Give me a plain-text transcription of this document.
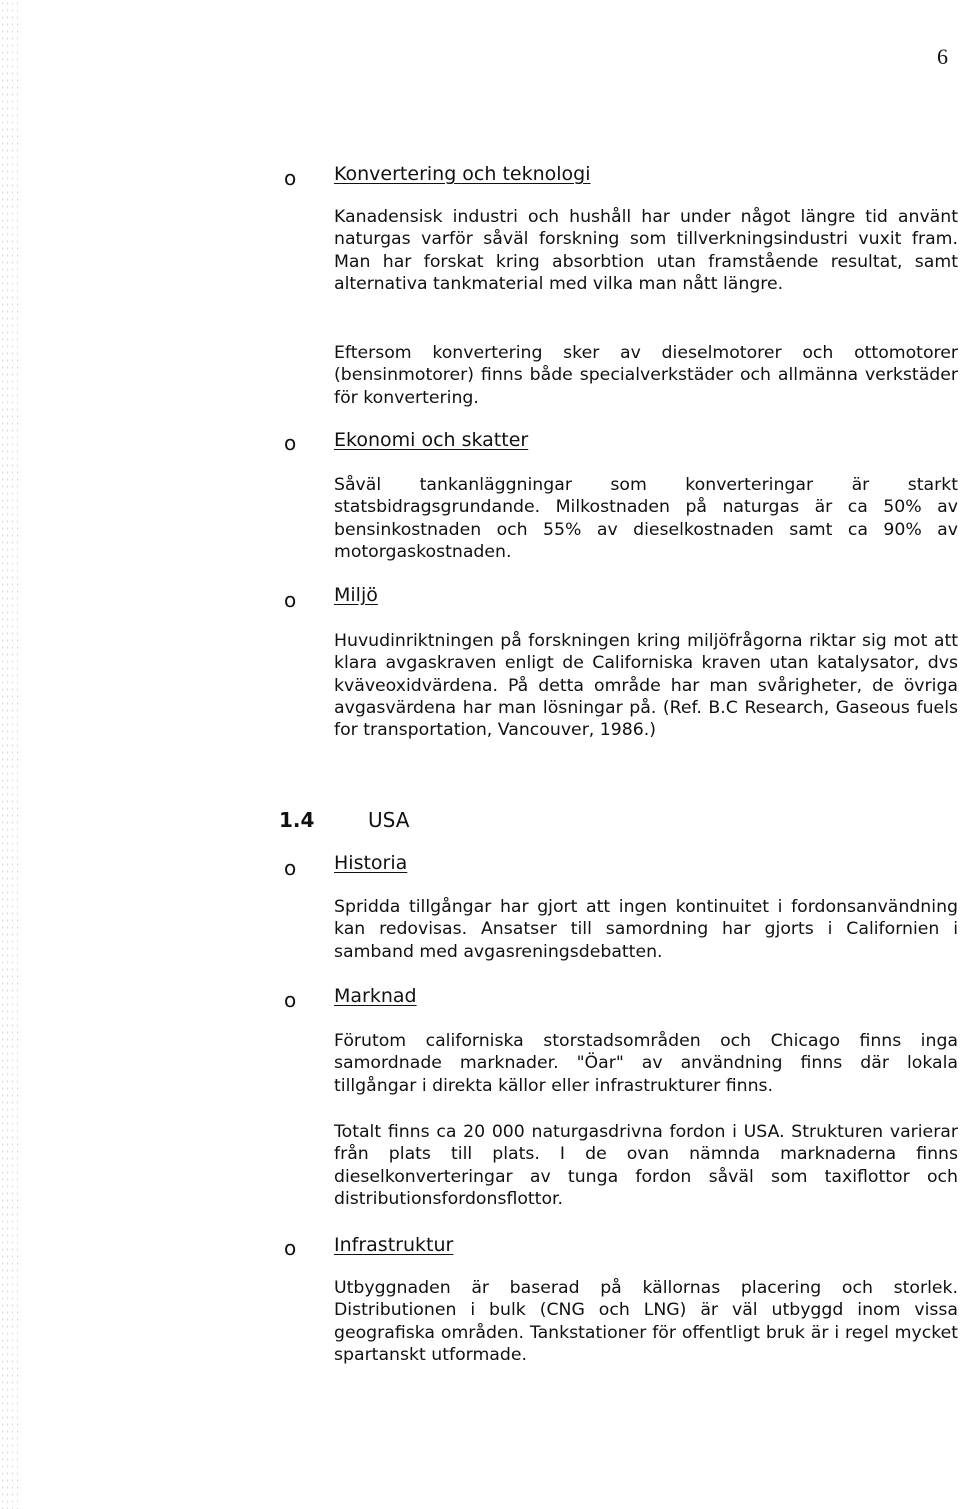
6
o Konvertering och teknologi

Kanadensisk industri och hushåll har under något längre tid använt naturgas varför såväl forskning som tillverkningsindustri vuxit fram. Man har forskat kring absorbtion utan framstående resultat, samt alternativa tankmaterial med vilka man nått längre.

Eftersom konvertering sker av dieselmotorer och ottomotorer (bensinmotorer) finns både specialverkstäder och allmänna verkstäder för konvertering.

o Ekonomi och skatter

Såväl tankanläggningar som konverteringar är starkt statsbidragsgrundande. Milkostnaden på naturgas är ca 50% av bensinkostnaden och 55% av dieselkostnaden samt ca 90% av motorgaskostnaden.

o Miljö

Huvudinriktningen på forskningen kring miljöfrågorna riktar sig mot att klara avgaskraven enligt de Californiska kraven utan katalysator, dvs kväveoxidvärdena. På detta område har man svårigheter, de övriga avgasvärdena har man lösningar på. (Ref. B.C Research, Gaseous fuels for transportation, Vancouver, 1986.)

1.4	USA
o Historia

Spridda tillgångar har gjort att ingen kontinuitet i fordonsanvändning kan redovisas. Ansatser till samordning har gjorts i Californien i samband med avgasreningsdebatten.

o Marknad

Förutom californiska storstadsområden och Chicago finns inga samordnade marknader. "Öar" av användning finns där lokala tillgångar i direkta källor eller infrastrukturer finns.

Totalt finns ca 20 000 naturgasdrivna fordon i USA. Strukturen varierar från plats till plats. I de ovan nämnda marknaderna finns dieselkonverteringar av tunga fordon såväl som taxiflottor och distributionsfordonsflottor.

o Infrastruktur

Utbyggnaden är baserad på källornas placering och storlek. Distributionen i bulk (CNG och LNG) är väl utbyggd inom vissa geografiska områden. Tankstationer för offentligt bruk är i regel mycket spartanskt utformade.
